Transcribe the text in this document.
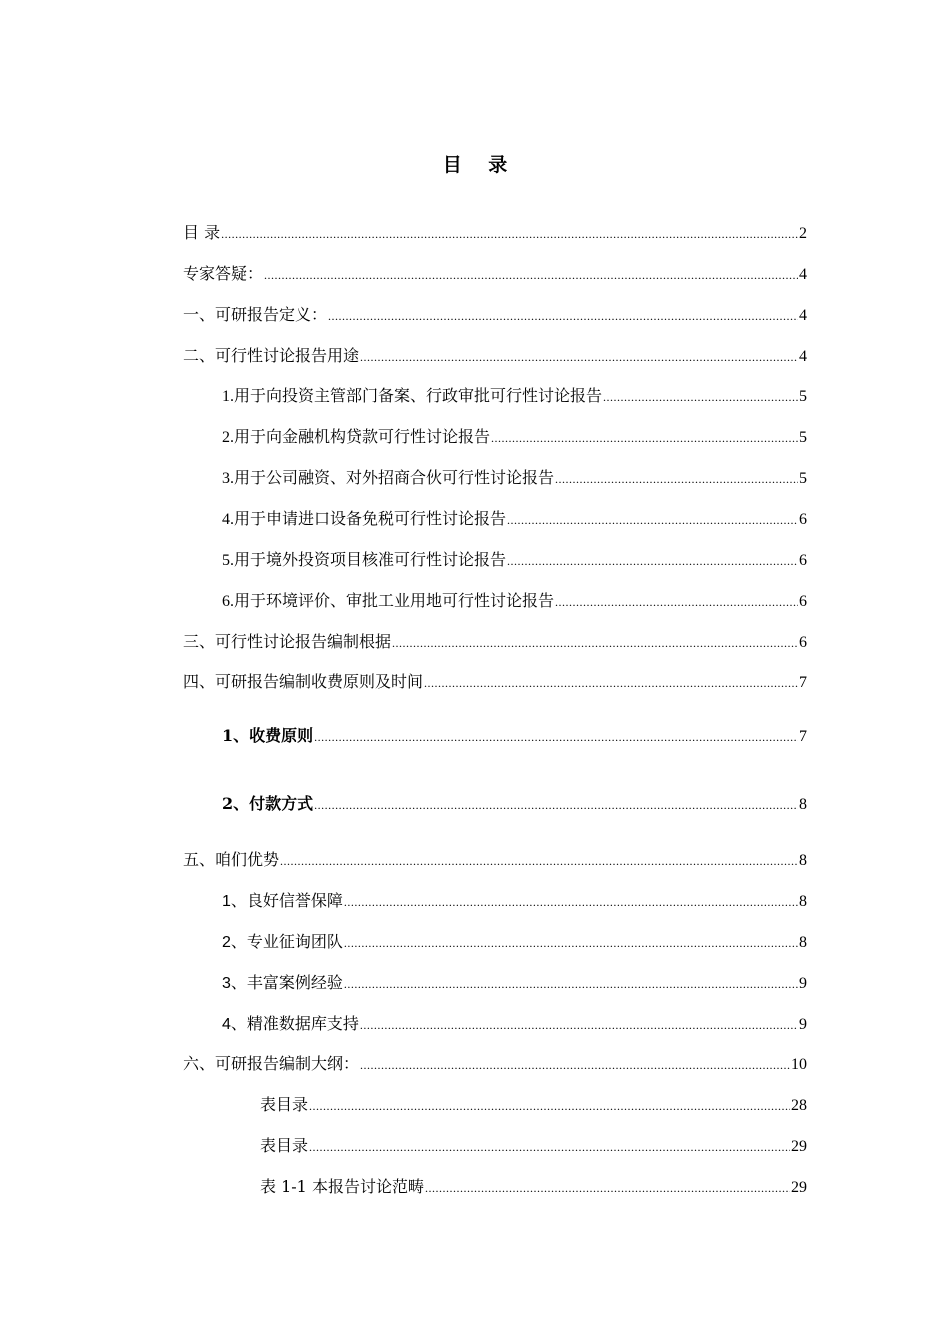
目 录
目 录 .....	2
专家答疑： .....	4
一、可研报告定义： .....	4
二、可行性讨论报告用途 .....	4
1. 用于向投资主管部门备案、行政审批可行性讨论报告 .....	5
2. 用于向金融机构贷款可行性讨论报告 .....	5
3. 用于公司融资、对外招商合伙可行性讨论报告 .....	5
4. 用于申请进口设备免税可行性讨论报告 .....	6
5. 用于境外投资项目核准可行性讨论报告 .....	6
6. 用于环境评价、审批工业用地可行性讨论报告 .....	6
三、可行性讨论报告编制根据 .....	6
四、可研报告编制收费原则及时间 .....	7
1、收费原则 .....	7
2、付款方式 .....	8
五、咱们优势 .....	8
1 、良好信誉保障 .....	8
2 、专业征询团队 .....	8
3 、丰富案例经验 .....	9
4 、精准数据库支持 .....	9
六、可研报告编制大纲： .....	10
表目录 .....	28
表目录 .....	29
表 1-1 本报告讨论范畴 .....	29
